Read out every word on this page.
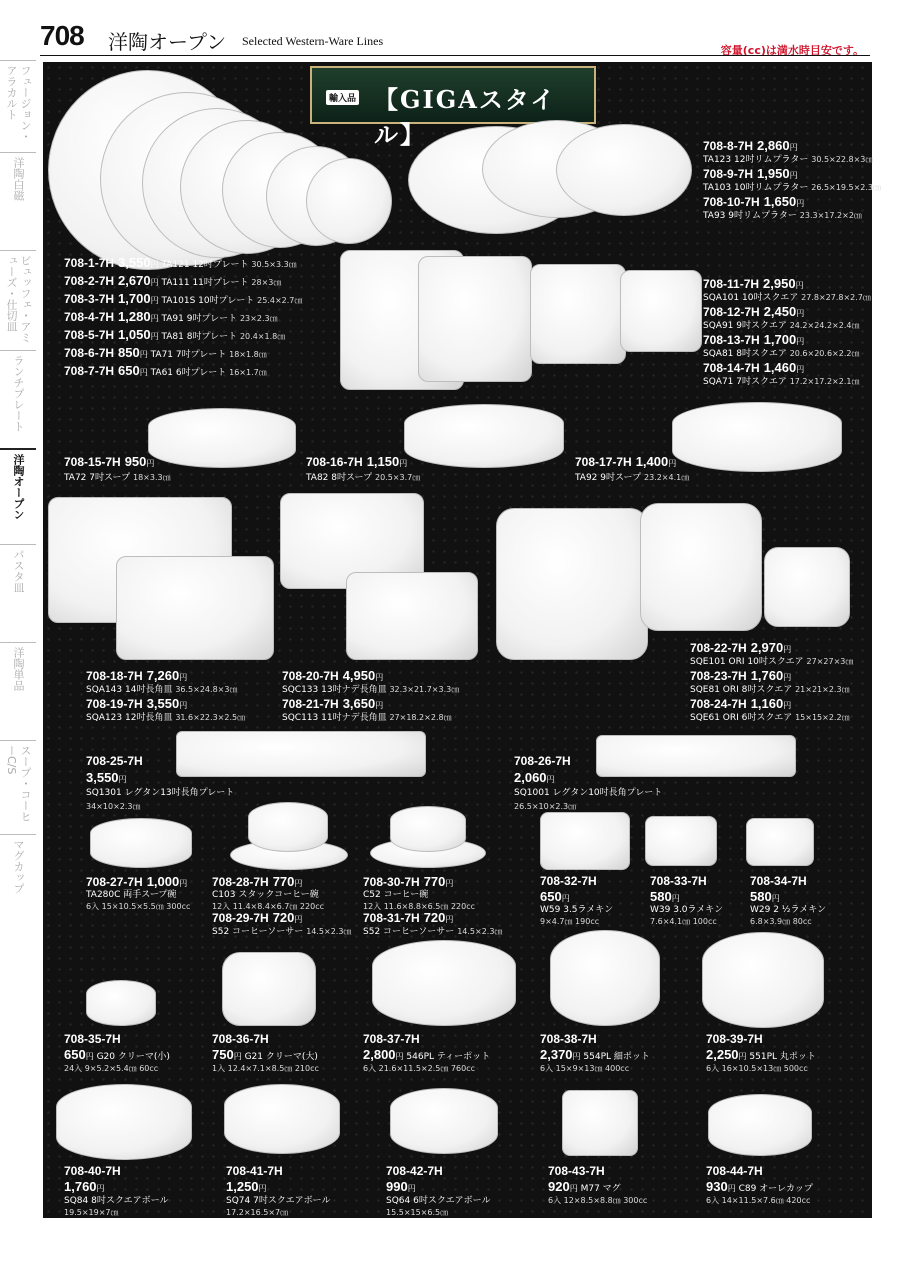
708 洋陶オープン Selected Western-Ware Lines
容量(cc)は満水時目安です。
フュージョン・アラカルト
洋陶白磁
ビュッフェ・アミューズ・仕切皿
ランチプレート
洋陶オープン
パスタ皿
洋陶単品
スープ・コーヒーC/S
マグカップ
輸入品 【GIGAスタイル】
708-1-7H 3,550円 TA121 12吋プレート 30.5×3.3㎝
708-2-7H 2,670円 TA111 11吋プレート 28×3㎝
708-3-7H 1,700円 TA101S 10吋プレート 25.4×2.7㎝
708-4-7H 1,280円 TA91 9吋プレート 23×2.3㎝
708-5-7H 1,050円 TA81 8吋プレート 20.4×1.8㎝
708-6-7H 850円 TA71 7吋プレート 18×1.8㎝
708-7-7H 650円 TA61 6吋プレート 16×1.7㎝
708-8-7H 2,860円
TA123 12吋リムプラター 30.5×22.8×3㎝
708-9-7H 1,950円
TA103 10吋リムプラター 26.5×19.5×2.3㎝
708-10-7H 1,650円
TA93 9吋リムプラター 23.3×17.2×2㎝
708-11-7H 2,950円
SQA101 10吋スクエア 27.8×27.8×2.7㎝
708-12-7H 2,450円
SQA91 9吋スクエア 24.2×24.2×2.4㎝
708-13-7H 1,700円
SQA81 8吋スクエア 20.6×20.6×2.2㎝
708-14-7H 1,460円
SQA71 7吋スクエア 17.2×17.2×2.1㎝
708-15-7H 950円
TA72 7吋スープ 18×3.3㎝
708-16-7H 1,150円
TA82 8吋スープ 20.5×3.7㎝
708-17-7H 1,400円
TA92 9吋スープ 23.2×4.1㎝
708-18-7H 7,260円
SQA143 14吋長角皿 36.5×24.8×3㎝
708-19-7H 3,550円
SQA123 12吋長角皿 31.6×22.3×2.5㎝
708-20-7H 4,950円
SQC133 13吋ナデ長角皿 32.3×21.7×3.3㎝
708-21-7H 3,650円
SQC113 11吋ナデ長角皿 27×18.2×2.8㎝
708-22-7H 2,970円
SQE101 ORI 10吋スクエア 27×27×3㎝
708-23-7H 1,760円
SQE81 ORI 8吋スクエア 21×21×2.3㎝
708-24-7H 1,160円
SQE61 ORI 6吋スクエア 15×15×2.2㎝
708-25-7H
3,550円
SQ1301 レグタン13吋長角プレート
34×10×2.3㎝
708-26-7H
2,060円
SQ1001 レグタン10吋長角プレート
26.5×10×2.3㎝
708-27-7H 1,000円
TA280C 両手スープ碗
6入 15×10.5×5.5㎝ 300cc
708-28-7H 770円
C103 スタックコーヒー碗
12入 11.4×8.4×6.7㎝ 220cc
708-29-7H 720円
S52 コーヒーソーサー 14.5×2.3㎝
708-30-7H 770円
C52 コーヒー碗
12入 11.6×8.8×6.5㎝ 220cc
708-31-7H 720円
S52 コーヒーソーサー 14.5×2.3㎝
708-32-7H
650円
W59 3.5ラメキン
9×4.7㎝ 190cc
708-33-7H
580円
W39 3.0ラメキン
7.6×4.1㎝ 100cc
708-34-7H
580円
W29 2 ½ラメキン
6.8×3.9㎝ 80cc
708-35-7H
650円 G20 クリーマ(小)
24入 9×5.2×5.4㎝ 60cc
708-36-7H
750円 G21 クリーマ(大)
1入 12.4×7.1×8.5㎝ 210cc
708-37-7H
2,800円 546PL ティーポット
6入 21.6×11.5×2.5㎝ 760cc
708-38-7H
2,370円 554PL 細ポット
6入 15×9×13㎝ 400cc
708-39-7H
2,250円 551PL 丸ポット
6入 16×10.5×13㎝ 500cc
708-40-7H
1,760円
SQ84 8吋スクエアボール
19.5×19×7㎝
708-41-7H
1,250円
SQ74 7吋スクエアボール
17.2×16.5×7㎝
708-42-7H
990円
SQ64 6吋スクエアボール
15.5×15×6.5㎝
708-43-7H
920円 M77 マグ
6入 12×8.5×8.8㎝ 300cc
708-44-7H
930円 C89 オーレカップ
6入 14×11.5×7.6㎝ 420cc
